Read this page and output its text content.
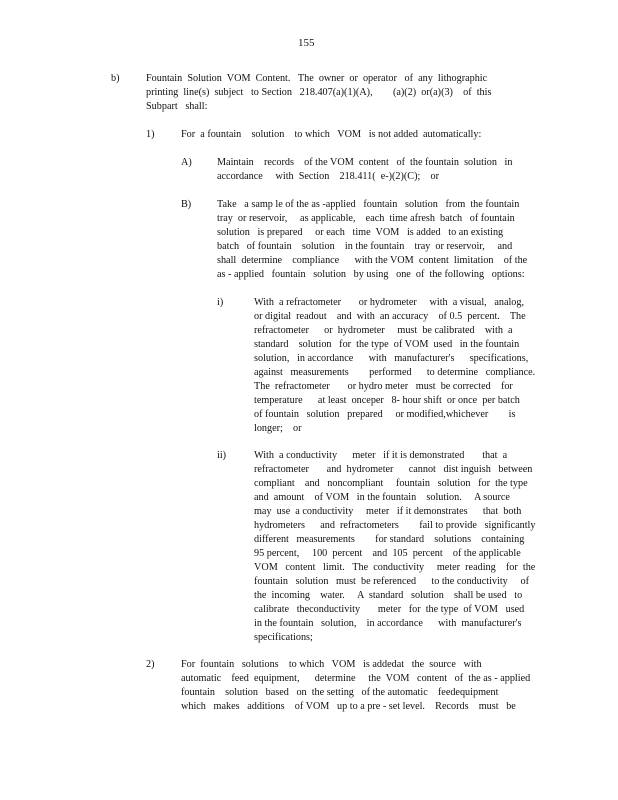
155
b)	Fountain  Solution  VOM  Content.   The  owner  or  operator   of  any  lithographic
printing  line(s)  subject   to Section   218.407(a)(1)(A),        (a)(2)  or(a)(3)    of  this
Subpart   shall:
1)	For  a fountain    solution    to which   VOM   is not added  automatically:
A) Maintain    records    of the VOM  content   of  the fountain  solution   in
accordance     with  Section    218.411(  e-)(2)(C);    or
B)	Take   a samp le of the as -applied   fountain   solution   from  the fountain
tray  or reservoir,     as applicable,    each  time afresh  batch   of fountain
solution   is prepared     or each   time  VOM   is added   to an existing
batch   of fountain    solution    in the fountain    tray  or reservoir,     and
shall  determine    compliance      with the VOM  content  limitation    of the
as - applied   fountain   solution   by using   one  of  the following   options:
i)	With  a refractometer       or hydrometer     with  a visual,   analog,
or digital  readout    and  with  an accuracy    of 0.5  percent.    The
refractometer      or  hydrometer     must  be calibrated    with  a
standard    solution   for  the type  of VOM  used   in the fountain
solution,   in accordance      with   manufacturer's      specifications,
against   measurements        performed      to determine   compliance.
The  refractometer       or hydro meter   must  be corrected    for
temperature      at least  onceper   8- hour shift  or once  per batch
of fountain   solution   prepared     or modified,whichever        is
longer;    or
ii)	With  a conductivity      meter   if it is demonstrated       that  a
refractometer       and  hydrometer      cannot   dist inguish   between
compliant    and   noncompliant     fountain   solution   for  the type
and  amount    of VOM   in the fountain    solution.     A source
may  use  a conductivity     meter   if it demonstrates      that  both
hydrometers      and  refractometers        fail to provide   significantly
different   measurements        for standard    solutions    containing
95 percent,     100  percent    and  105  percent    of the applicable
VOM   content   limit.   The  conductivity     meter  reading    for  the
fountain   solution   must  be referenced      to the conductivity     of
the  incoming    water.     A  standard   solution    shall be used   to
calibrate   theconductivity       meter   for  the type  of VOM   used
in the fountain   solution,    in accordance      with  manufacturer's
specifications;
2)	For  fountain   solutions    to which   VOM   is addedat   the  source   with
automatic    feed  equipment,      determine     the  VOM   content   of  the as - applied
fountain    solution   based   on  the setting   of the automatic    feedequipment
which   makes   additions    of VOM   up to a pre - set level.    Records    must   be
